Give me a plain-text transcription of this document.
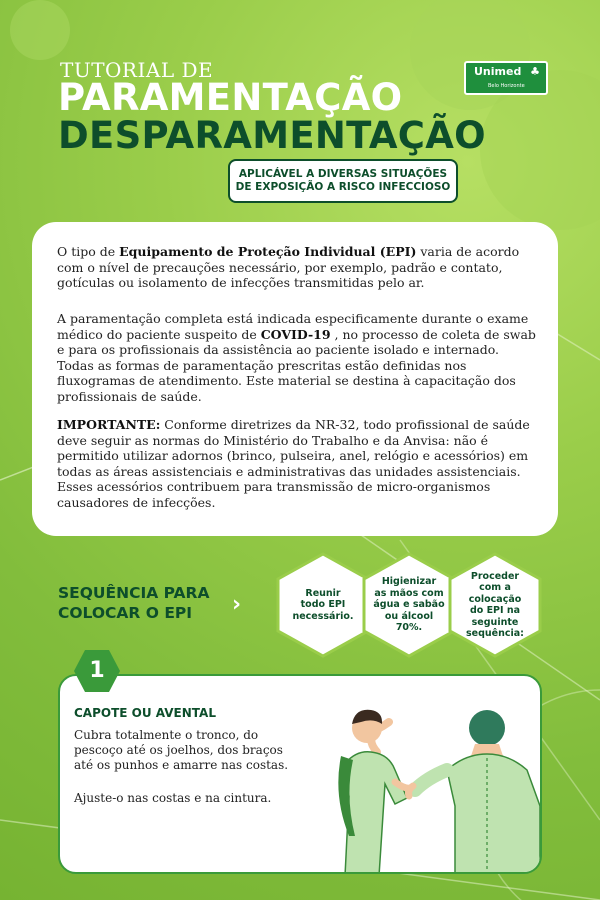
TUTORIAL DE
PARAMENTAÇÃO
DESPARAMENTAÇÃO
Unimed ♣
Belo Horizonte
APLICÁVEL A DIVERSAS SITUAÇÕES
DE EXPOSIÇÃO A RISCO INFECCIOSO

O tipo de Equipamento de Proteção Individual (EPI) varia de acordo com o nível de precauções necessário, por exemplo, padrão e contato, gotículas ou isolamento de infecções transmitidas pelo ar.

A paramentação completa está indicada especificamente durante o exame médico do paciente suspeito de COVID-19 , no processo de coleta de swab e para os profissionais da assistência ao paciente isolado e internado. Todas as formas de paramentação prescritas estão definidas nos fluxogramas de atendimento. Este material se destina à capacitação dos profissionais de saúde.

IMPORTANTE: Conforme diretrizes da NR-32, todo profissional de saúde deve seguir as normas do Ministério do Trabalho e da Anvisa: não é permitido utilizar adornos (brinco, pulseira, anel, relógio e acessórios) em todas as áreas assistenciais e administrativas das unidades assistenciais. Esses acessórios contribuem para transmissão de micro-organismos causadores de infecções.

SEQUÊNCIA PARA
COLOCAR O EPI	›	Reunir
todo EPI
necessário.
Higienizar
as mãos com
água e sabão
ou álcool
70%.
Proceder
com a colocação
do EPI na
seguinte
sequência:
CAPOTE OU AVENTAL

Cubra totalmente o tronco, do pescoço até os joelhos, dos braços até os punhos e amarre nas costas.

Ajuste-o nas costas e na cintura.

1
